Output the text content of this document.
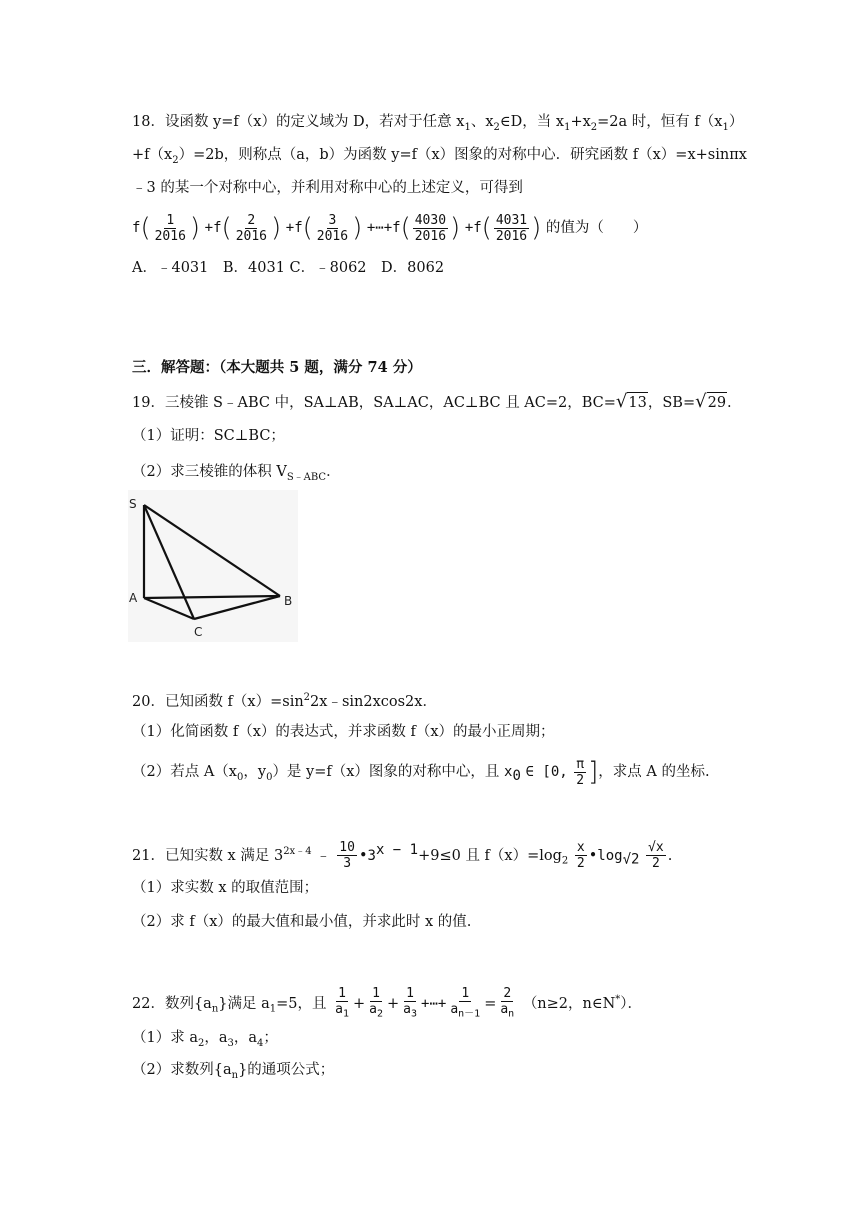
18．设函数 y=f（x）的定义域为 D，若对于任意 $x_1$、$x_2\in D$，当 $x_1+x_2=2a$ 时，恒有 $f(x_1)$
$+f(x_2)=2b$，则称点（a，b）为函数 y=f（x）图象的对称中心．研究函数 f（x）=x+sinπx
﹣3 的某一个对称中心，并利用对称中心的上述定义，可得到
$f( \frac{1}{2016}$ ) $+f( \frac{2}{2016}$ ) $+f( \frac{3}{2016}$ ) +⋯+f( $\frac{4030}{2016}$ ) $+f( \frac{4031}{2016}$ ) 的值为（　　）
A．﹣4031　B．4031 C．﹣8062　D．8062
三．解答题：（本大题共 5 题，满分 74 分）
19．三棱锥 S﹣ABC 中，SA⊥AB，SA⊥AC，AC⊥BC 且 AC=2，BC=√13，SB=√29.
（1）证明：SC⊥BC；
（2）求三棱锥的体积 $V_{S﹣ABC}$．
S
A	B
C
20．已知函数 $f(x)=\sin^22x﹣\sin 2xcos2x$．
（1）化简函数 f（x）的表达式，并求函数 f（x）的最小正周期；
（2）若点 $A(x_0$，$y_0$）是 y=f（x）图象的对称中心，且 $x_0$ ∈ [0, $\frac{\pi}{2}$ ]，求点 A 的坐标.
21．已知实数 x 满足 $3^{2x﹣4}$ ﹣ $\frac{10}{3}$ $•3^{x - 1}+9\le 0$ 且 $f(x)=\log_2 \frac{x}{2}$ $•\log_{√2} \frac{√x}{2}$ .
（1）求实数 x 的取值范围；
（2）求 f（x）的最大值和最小值，并求此时 x 的值.
22．数列$\{a_n\}$满足 $a_1=5$，且 $\frac{1}{a_1} + \frac{1}{a_2} + \frac{1}{a_3}$ +⋯+ $\frac{1}{a_{n-1}} = \frac{2}{a_n} (n\ge 2$，n∈N*）．
（1）求 $a_2$，$a_3$，$a_4$；
（2）求数列$\{a_n\}$的通项公式；
